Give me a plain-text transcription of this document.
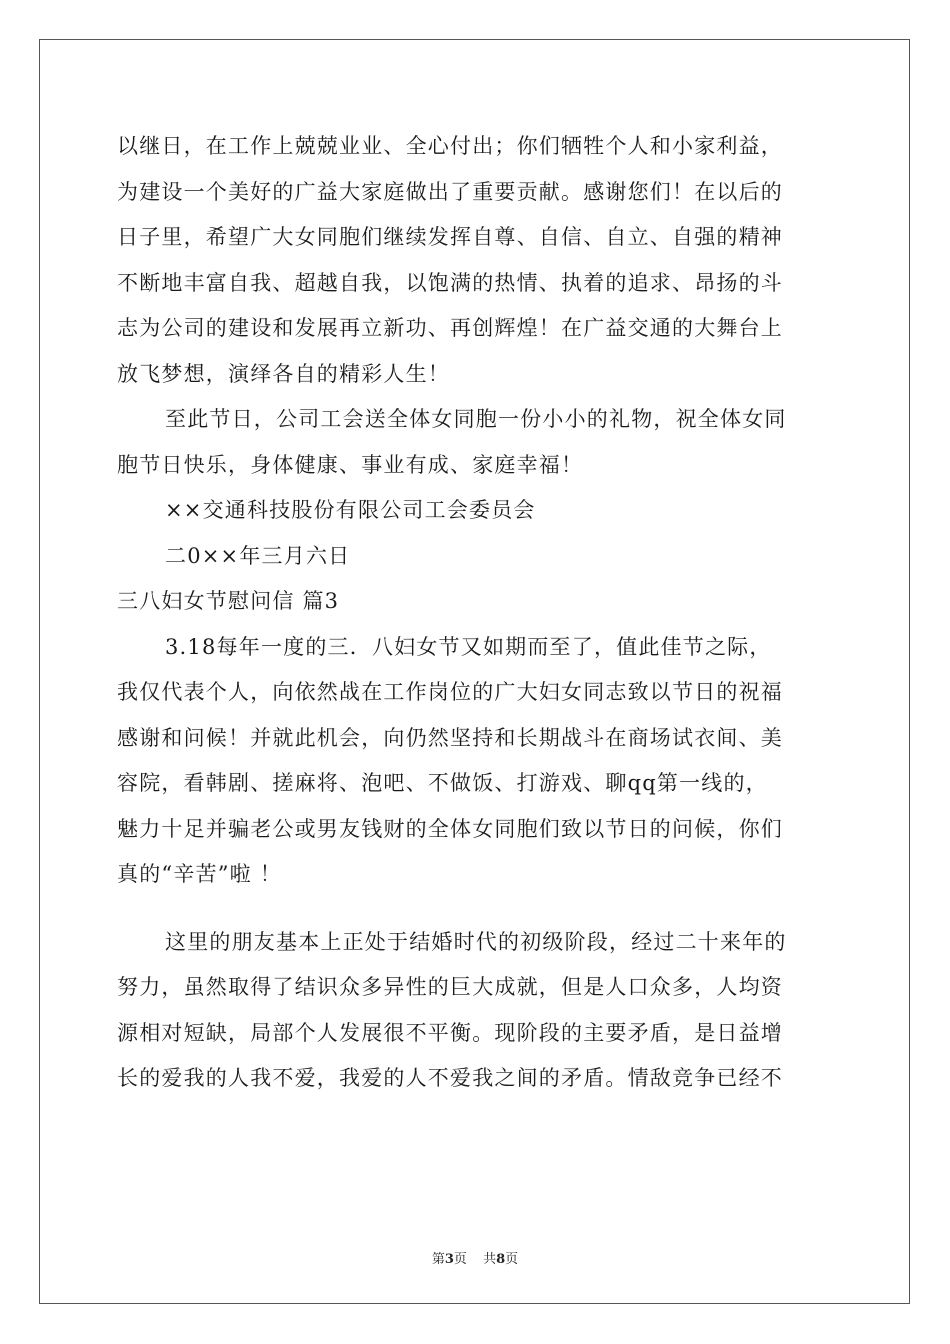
以继日，在工作上兢兢业业、全心付出；你们牺牲个人和小家利益，
为建设一个美好的广益大家庭做出了重要贡献。感谢您们！在以后的
日子里，希望广大女同胞们继续发挥自尊、自信、自立、自强的精神
不断地丰富自我、超越自我，以饱满的热情、执着的追求、昂扬的斗
志为公司的建设和发展再立新功、再创辉煌！在广益交通的大舞台上
放飞梦想，演绎各自的精彩人生！
至此节日，公司工会送全体女同胞一份小小的礼物，祝全体女同
胞节日快乐，身体健康、事业有成、家庭幸福！
××交通科技股份有限公司工会委员会
二0××年三月六日
三八妇女节慰问信 篇3
3.18每年一度的三．八妇女节又如期而至了，值此佳节之际，
我仅代表个人，向依然战在工作岗位的广大妇女同志致以节日的祝福
感谢和问候！并就此机会，向仍然坚持和长期战斗在商场试衣间、美
容院，看韩剧、搓麻将、泡吧、不做饭、打游戏、聊qq第一线的，
魅力十足并骗老公或男友钱财的全体女同胞们致以节日的问候，你们
真的“辛苦”啦 ！
这里的朋友基本上正处于结婚时代的初级阶段，经过二十来年的
努力，虽然取得了结识众多异性的巨大成就，但是人口众多，人均资
源相对短缺，局部个人发展很不平衡。现阶段的主要矛盾，是日益增
长的爱我的人我不爱，我爱的人不爱我之间的矛盾。情敌竞争已经不
第3页 共8页
